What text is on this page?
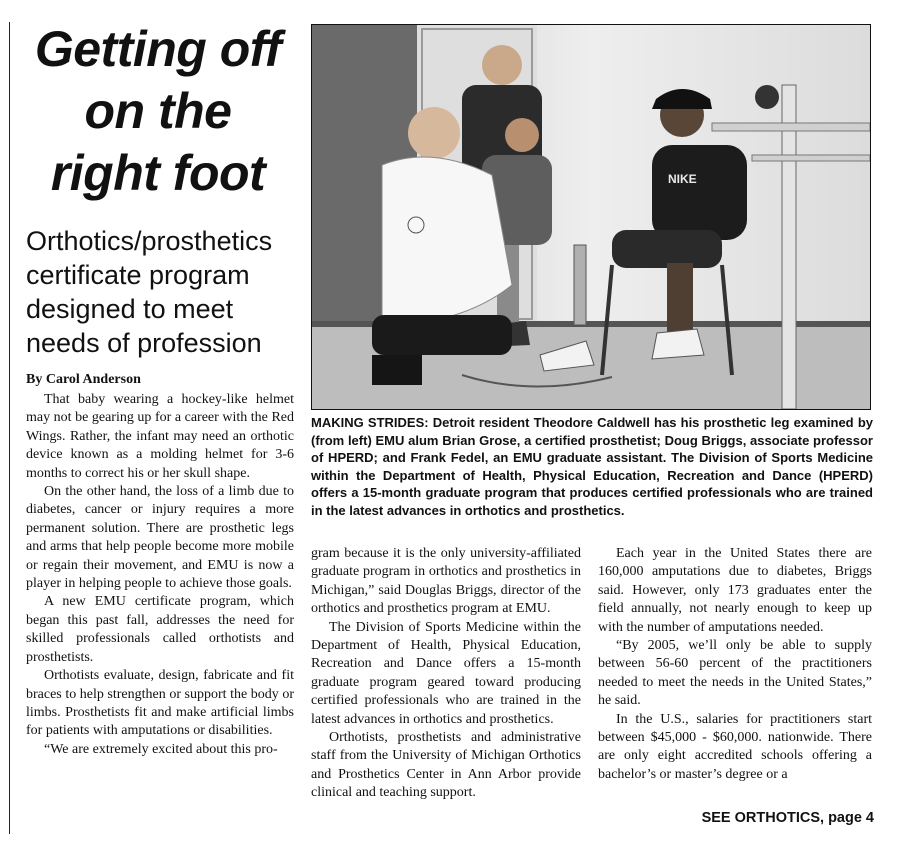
Getting off
on the
right foot
Orthotics/prosthetics
certificate program
designed to meet
needs of profession
By Carol Anderson

That baby wearing a hockey-like helmet may not be gearing up for a career with the Red Wings. Rather, the infant may need an orthotic device known as a molding helmet for 3-6 months to correct his or her skull shape.

On the other hand, the loss of a limb due to diabetes, cancer or injury requires a more permanent solution. There are prosthetic legs and arms that help people become more mobile or regain their movement, and EMU is now a player in helping people to achieve those goals.

A new EMU certificate program, which began this past fall, addresses the need for skilled professionals called orthotists and prosthetists.

Orthotists evaluate, design, fabricate and fit braces to help strengthen or support the body or limbs. Prosthetists fit and make artificial limbs for patients with amputations or disabilities.

“We are extremely excited about this pro-

NIKE
MAKING STRIDES: Detroit resident Theodore Caldwell has his prosthetic leg examined by (from left) EMU alum Brian Grose, a certified prosthetist; Doug Briggs, associate professor of HPERD; and Frank Fedel, an EMU graduate assistant. The Division of Sports Medicine within the Department of Health, Physical Education, Recreation and Dance (HPERD) offers a 15-month graduate program that produces certified professionals who are trained in the latest advances in orthotics and prosthetics.

gram because it is the only university-affiliated graduate program in orthotics and prosthetics in Michigan,” said Douglas Briggs, director of the orthotics and prosthetics program at EMU.

The Division of Sports Medicine within the Department of Health, Physical Education, Recreation and Dance offers a 15-month graduate program geared toward producing certified professionals who are trained in the latest advances in orthotics and prosthetics.

Orthotists, prosthetists and administrative staff from the University of Michigan Orthotics and Prosthetics Center in Ann Arbor provide clinical and teaching support.

Each year in the United States there are 160,000 amputations due to diabetes, Briggs said. However, only 173 graduates enter the field annually, not nearly enough to keep up with the number of amputations needed.

“By 2005, we’ll only be able to supply between 56-60 percent of the practitioners needed to meet the needs in the United States,” he said.

In the U.S., salaries for practitioners start between $45,000 - $60,000. nationwide. There are only eight accredited schools offering a bachelor’s or master’s degree or a

SEE ORTHOTICS, page 4
